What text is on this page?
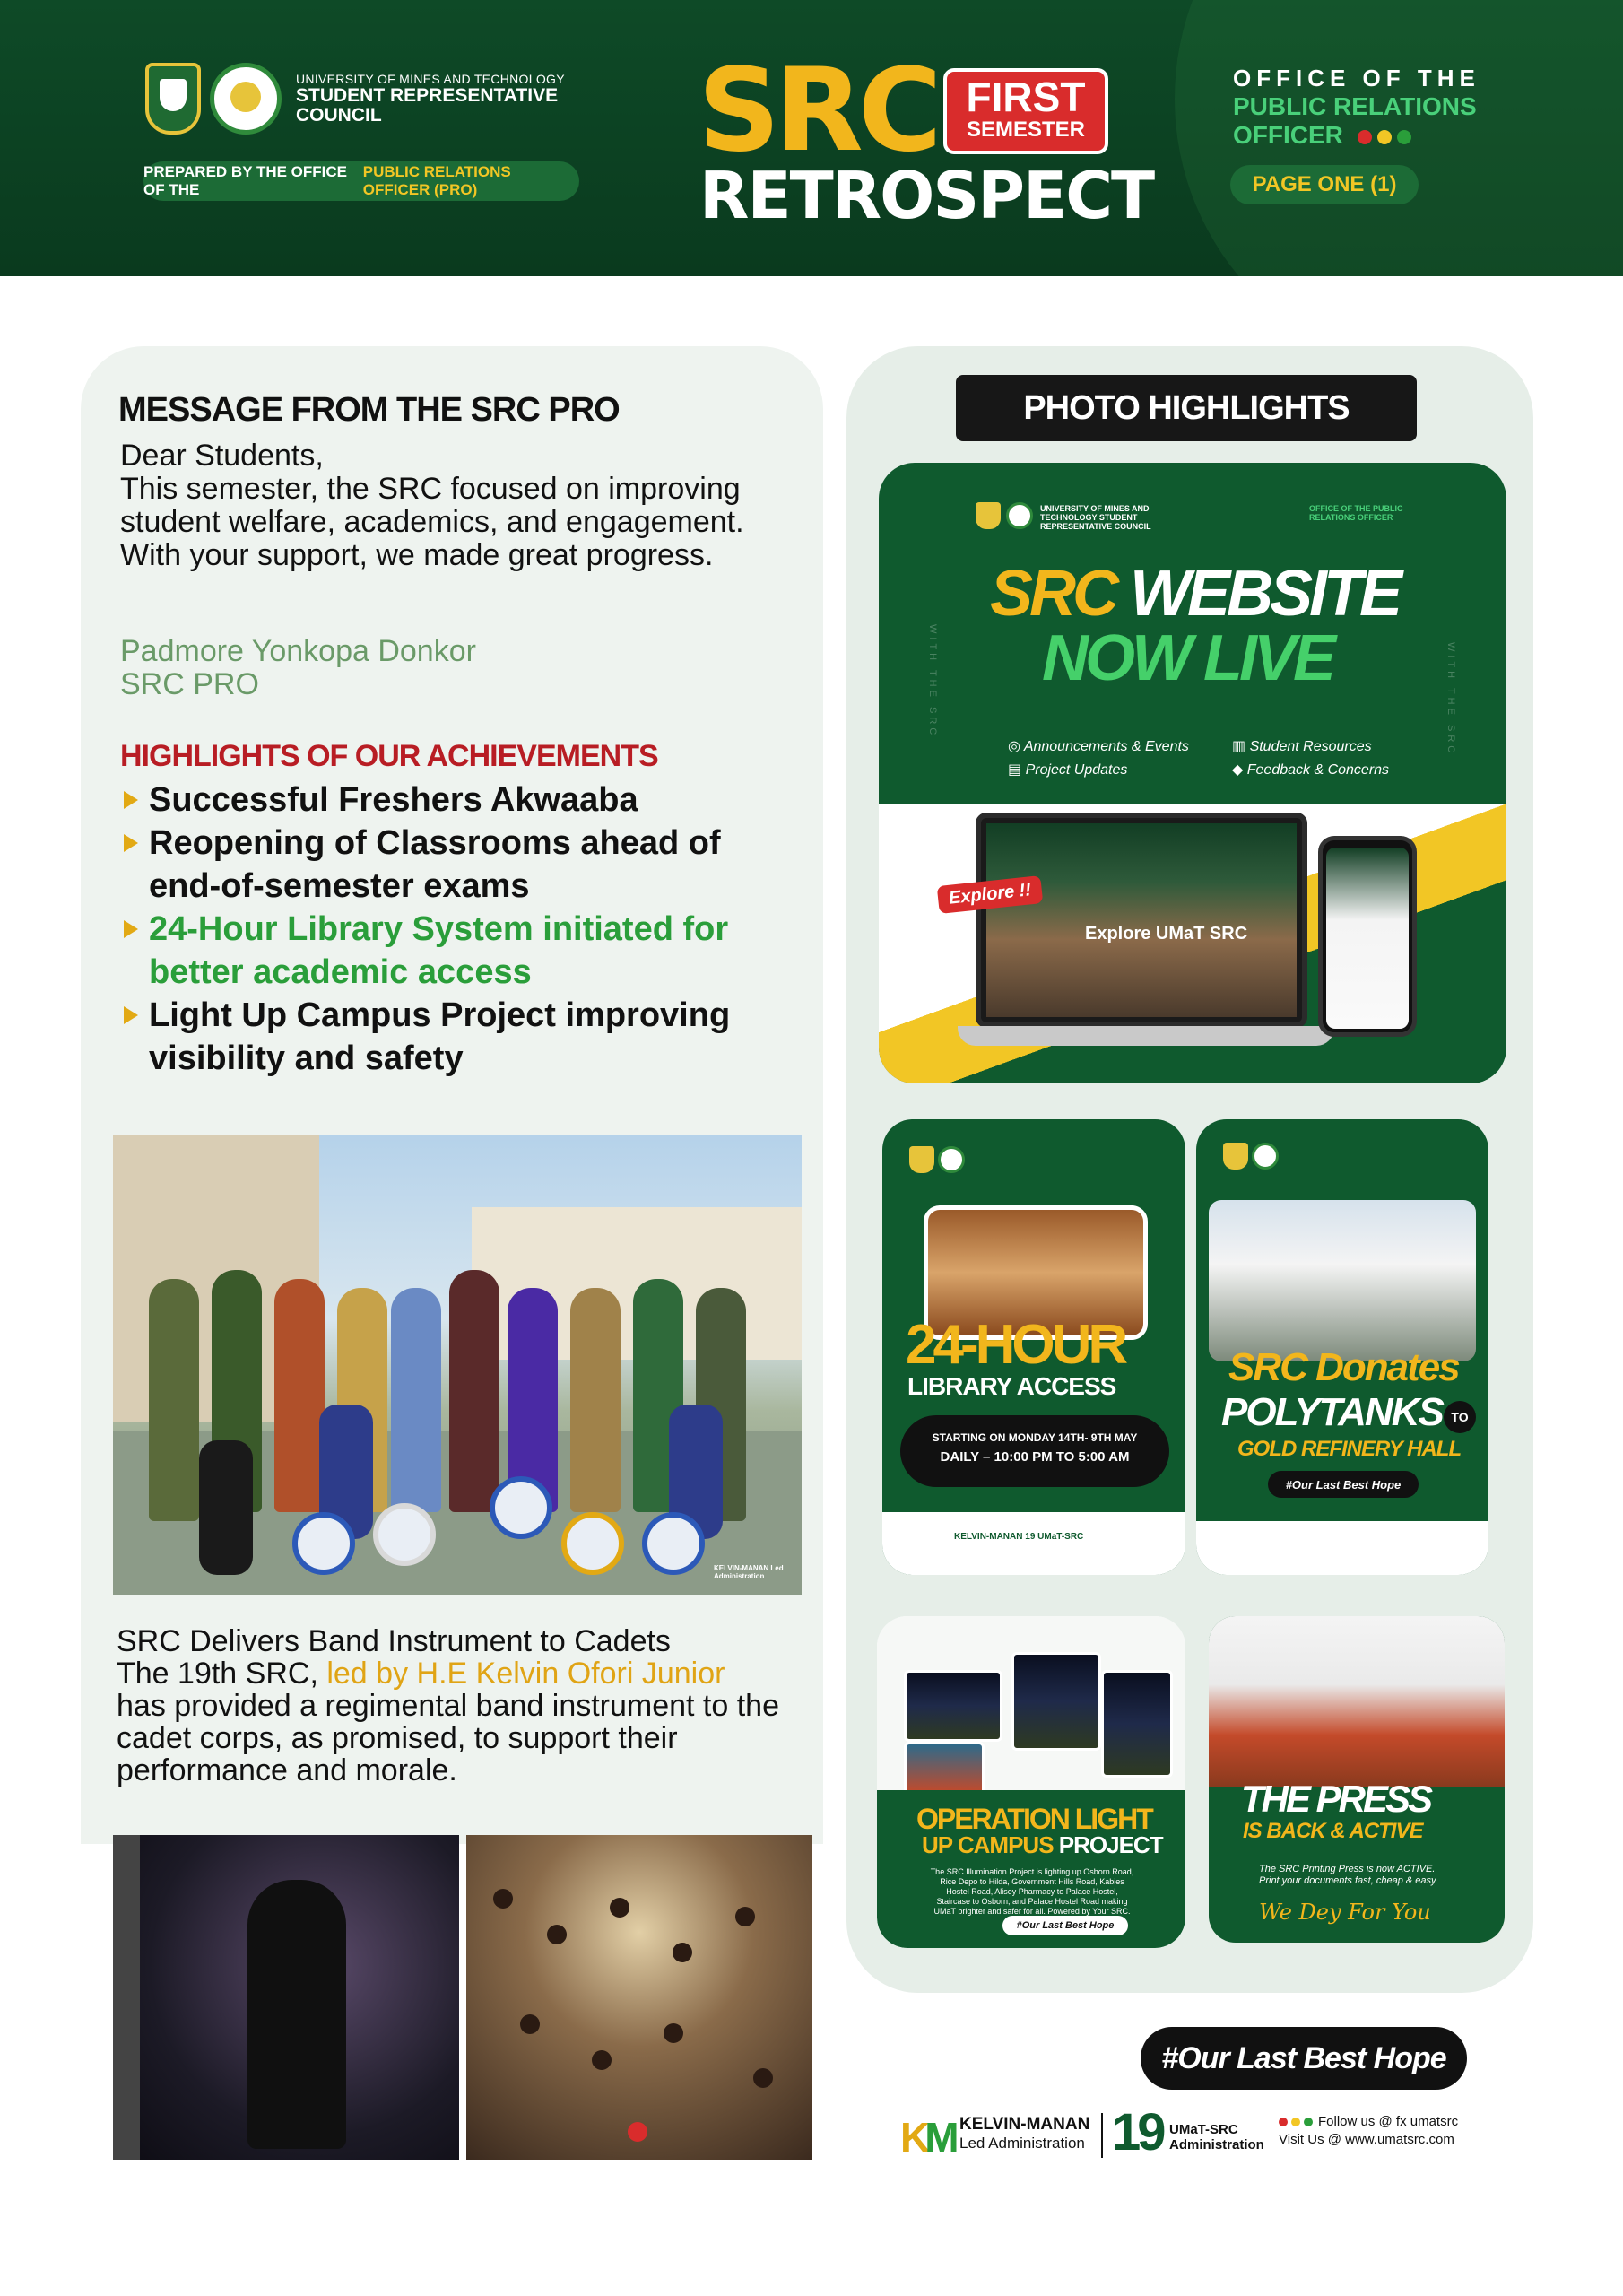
UNIVERSITY OF MINES AND TECHNOLOGY
STUDENT REPRESENTATIVE
COUNCIL
PREPARED BY THE OFFICE OF THE
PUBLIC RELATIONS OFFICER (PRO)
SRC FIRST
SEMESTER
RETROSPECT
OFFICE OF THE
PUBLIC RELATIONS
OFFICER
PAGE ONE (1)
MESSAGE FROM THE SRC PRO
Dear Students,
This semester, the SRC focused on improving student welfare, academics, and engagement. With your support, we made great progress.
Padmore Yonkopa Donkor
SRC PRO
HIGHLIGHTS OF OUR ACHIEVEMENTS
Successful Freshers Akwaaba
Reopening of Classrooms ahead of end-of-semester exams
24-Hour Library System initiated for better academic access
Light Up Campus Project improving visibility and safety
KELVIN-MANAN Led Administration
SRC Delivers Band Instrument to Cadets
The 19th SRC, led by H.E Kelvin Ofori Junior
has provided a regimental band instrument to the cadet corps, as promised, to support their performance and morale.
PHOTO HIGHLIGHTS
UNIVERSITY OF MINES AND TECHNOLOGY STUDENT REPRESENTATIVE COUNCIL
OFFICE OF THE PUBLIC RELATIONS OFFICER
SRC WEBSITE
NOW LIVE
◎ Announcements & Events
▤ Project Updates
▥ Student Resources
◆ Feedback & Concerns
WITH THE SRC	WITH THE SRC
Explore UMaT SRC
Explore !!
24-HOUR
LIBRARY ACCESS
STARTING ON MONDAY 14TH- 9TH MAY
DAILY – 10:00 PM TO 5:00 AM
KELVIN-MANAN 19 UMaT-SRC
SRC Donates
POLYTANKS TO
GOLD REFINERY HALL
#Our Last Best Hope
OPERATION LIGHT
UP CAMPUS PROJECT
The SRC Illumination Project is lighting up Osborn Road, Rice Depo to Hilda, Government Hills Road, Kabies Hostel Road, Alisey Pharmacy to Palace Hostel, Staircase to Osborn, and Palace Hostel Road making UMaT brighter and safer for all. Powered by Your SRC.
#Our Last Best Hope
THE PRESS
IS BACK & ACTIVE
The SRC Printing Press is now ACTIVE. Print your documents fast, cheap & easy
We Dey For You
#Our Last Best Hope
KM KELVIN-MANAN
Led Administration 19 UMaT-SRC
Administration
Follow us @ fx umatsrc
Visit Us @ www.umatsrc.com
